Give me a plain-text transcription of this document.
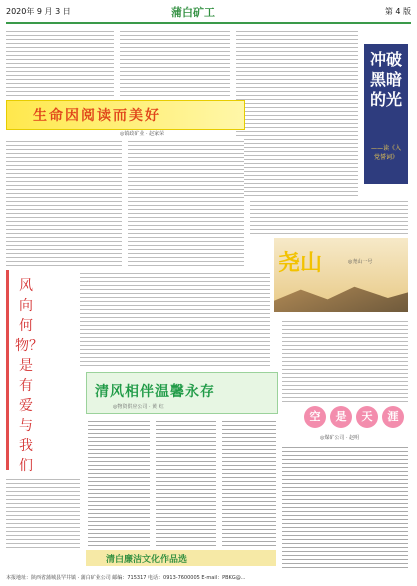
2020年 9 月 3 日	蒲白矿工	第 4 版
冲破黑暗的光
——读《入党誓词》
生命因阅读而美好
◎镇政矿业 · 赵家荣
尧山	◎尧山一号
风向何物？是有爱与我们
清风相伴温馨永存
◎物资供应公司 · 黄 红
空	是	天	涯
◎煤矿公司 · 赵明
清白廉洁文化作品选
本报地址：陕西省蒲城县罕井镇 · 蒲白矿业公司 邮编：715317 电话：0913-7600005 E-mail：PBKG@...
